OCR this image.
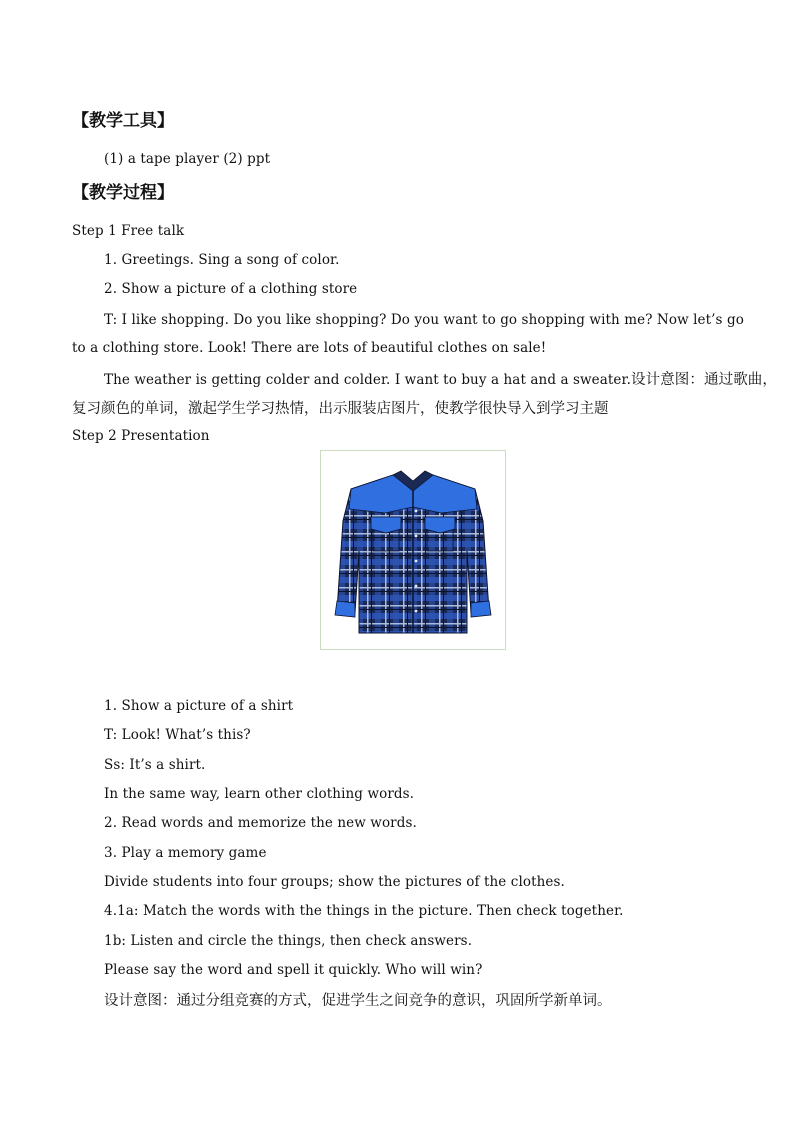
【教学工具】
(1) a tape player (2) ppt
【教学过程】
Step 1 Free talk
1. Greetings. Sing a song of color.
2. Show a picture of a clothing store
T: I like shopping. Do you like shopping? Do you want to go shopping with me? Now let’s go
to a clothing store. Look! There are lots of beautiful clothes on sale!
The weather is getting colder and colder. I want to buy a hat and a sweater.设计意图：通过歌曲，
复习颜色的单词，激起学生学习热情，出示服装店图片，使教学很快导入到学习主题
Step 2 Presentation
1. Show a picture of a shirt
T: Look! What’s this?
Ss: It’s a shirt.
In the same way, learn other clothing words.
2. Read words and memorize the new words.
3. Play a memory game
Divide students into four groups; show the pictures of the clothes.
4.1a: Match the words with the things in the picture. Then check together.
1b: Listen and circle the things, then check answers.
Please say the word and spell it quickly. Who will win?
设计意图：通过分组竞赛的方式，促进学生之间竞争的意识，巩固所学新单词。
